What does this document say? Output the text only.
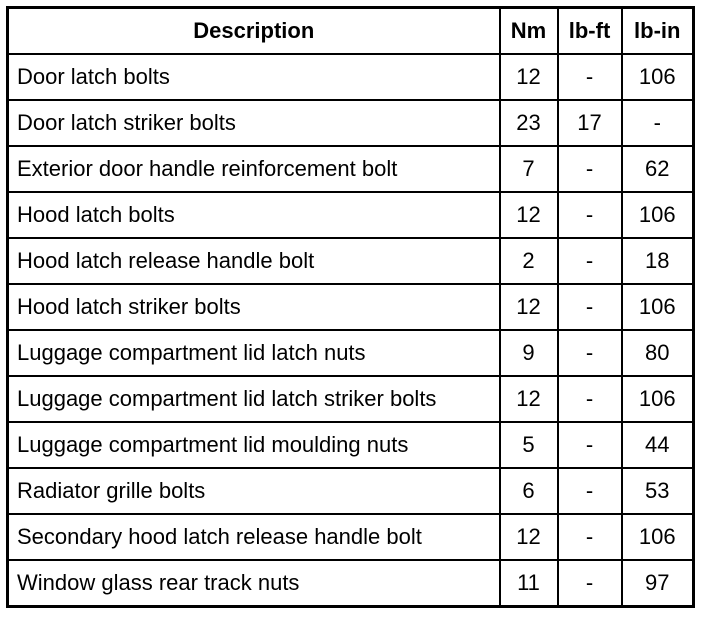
Description	Nm	lb-ft	lb-in
Door latch bolts	12	-	106
Door latch striker bolts	23	17	-
Exterior door handle reinforcement bolt	7	-	62
Hood latch bolts	12	-	106
Hood latch release handle bolt	2	-	18
Hood latch striker bolts	12	-	106
Luggage compartment lid latch nuts	9	-	80
Luggage compartment lid latch striker bolts	12	-	106
Luggage compartment lid moulding nuts	5	-	44
Radiator grille bolts	6	-	53
Secondary hood latch release handle bolt	12	-	106
Window glass rear track nuts	11	-	97
